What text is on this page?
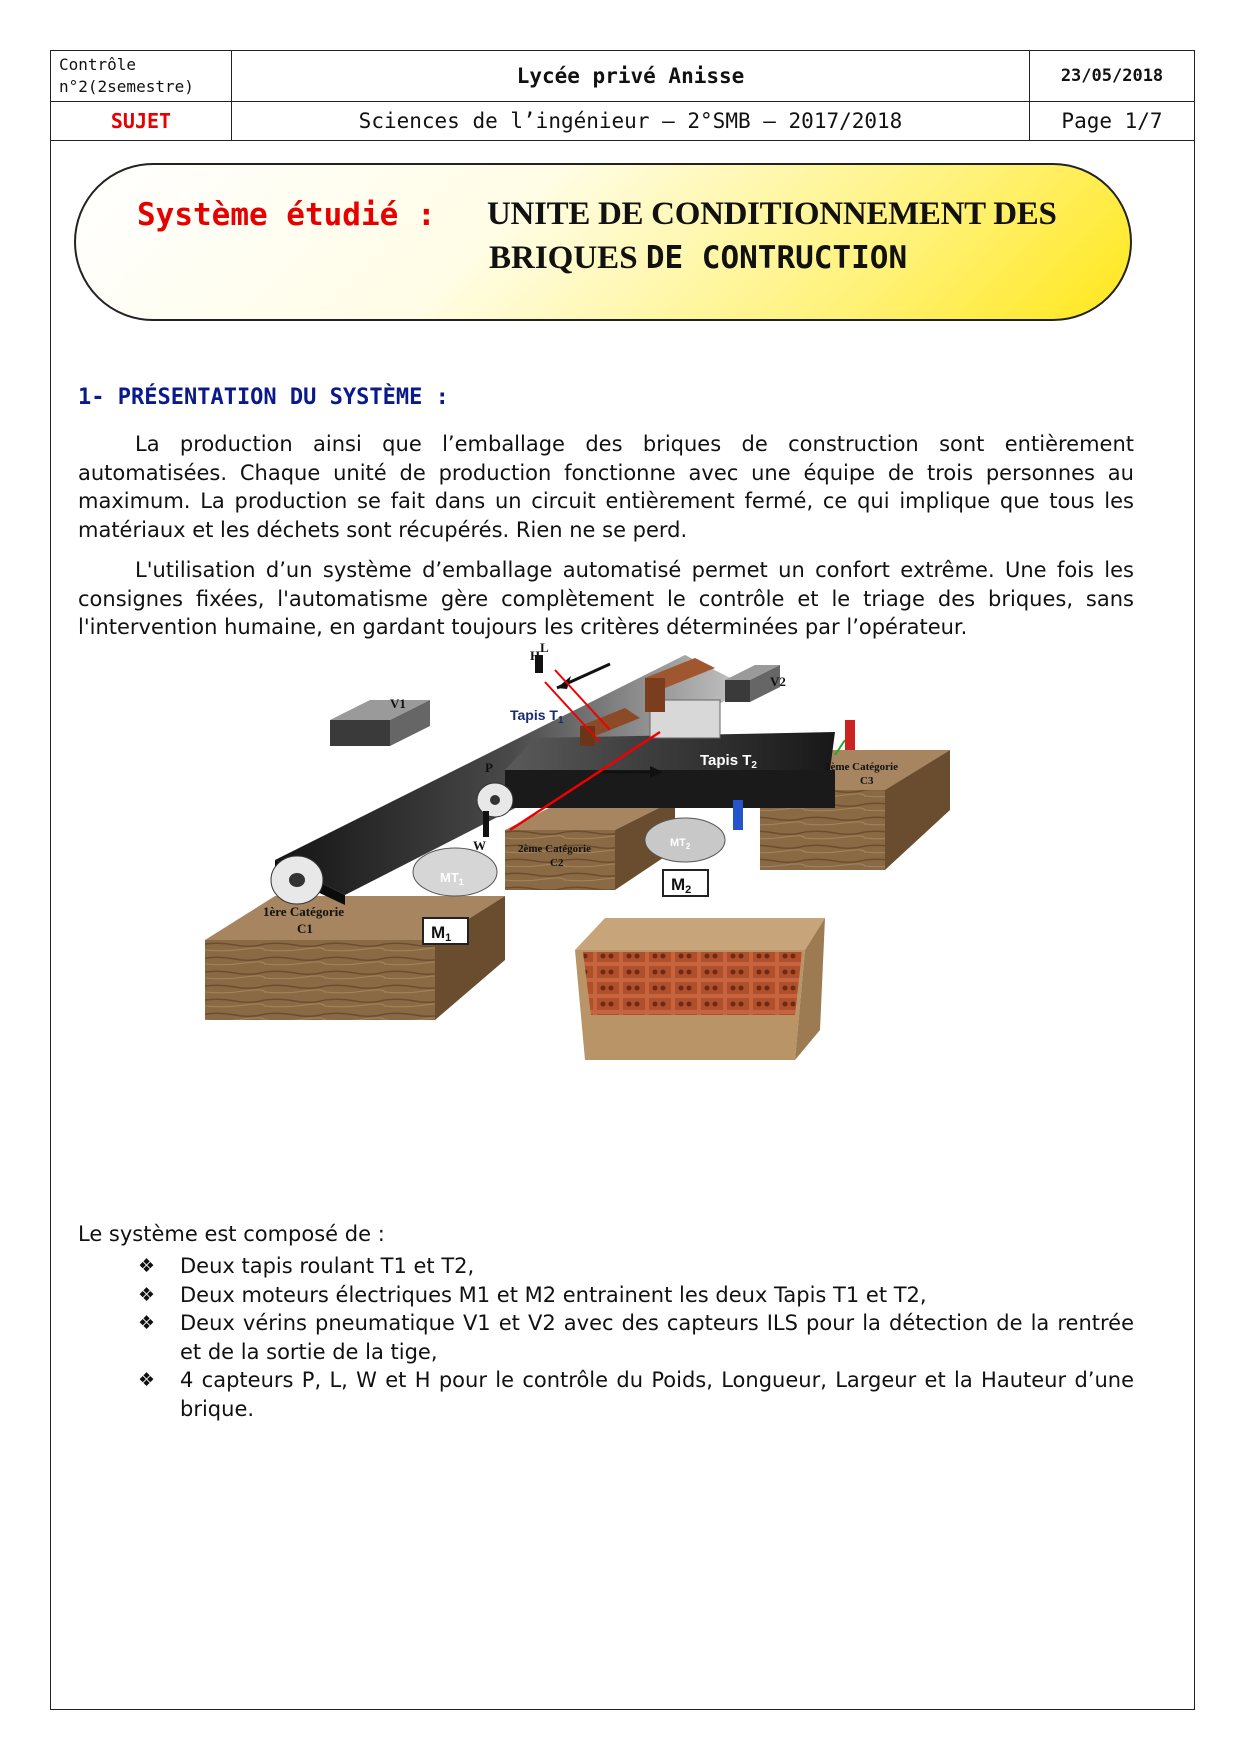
Contrôle n°2(2semestre)	Lycée privé Anisse	23/05/2018
SUJET	Sciences de l’ingénieur – 2°SMB – 2017/2018	Page 1/7
Système étudié : UNITE DE CONDITIONNEMENT DES
BRIQUES DE CONTRUCTION
1- PRÉSENTATION DU SYSTÈME :

La production ainsi que l’emballage des briques de construction sont entièrement automatisées. Chaque unité de production fonctionne avec une équipe de trois personnes au maximum. La production se fait dans un circuit entièrement fermé, ce qui implique que tous les matériaux et les déchets sont récupérés. Rien ne se perd.

L'utilisation d’un système d’emballage automatisé permet un confort extrême. Une fois les consignes fixées, l'automatisme gère complètement le contrôle et le triage des briques, sans l'intervention humaine, en gardant toujours les critères déterminées par l’opérateur.

V1
V2
H
L
P
W
1ère Catégorie
C1
2ème Catégorie
C2
3ème Catégorie
C3
Tapis $T_1$
Tapis $T_2$
$MT_1$
$MT_2$
M1
M2
Le système est composé de :
❖ Deux tapis roulant T1 et T2,
❖ Deux moteurs électriques M1 et M2 entrainent les deux Tapis T1 et T2,
❖ Deux vérins pneumatique V1 et V2 avec des capteurs ILS pour la détection de la rentrée et de la sortie de la tige,
❖ 4 capteurs P, L, W et H pour le contrôle du Poids, Longueur, Largeur et la Hauteur d’une brique.
